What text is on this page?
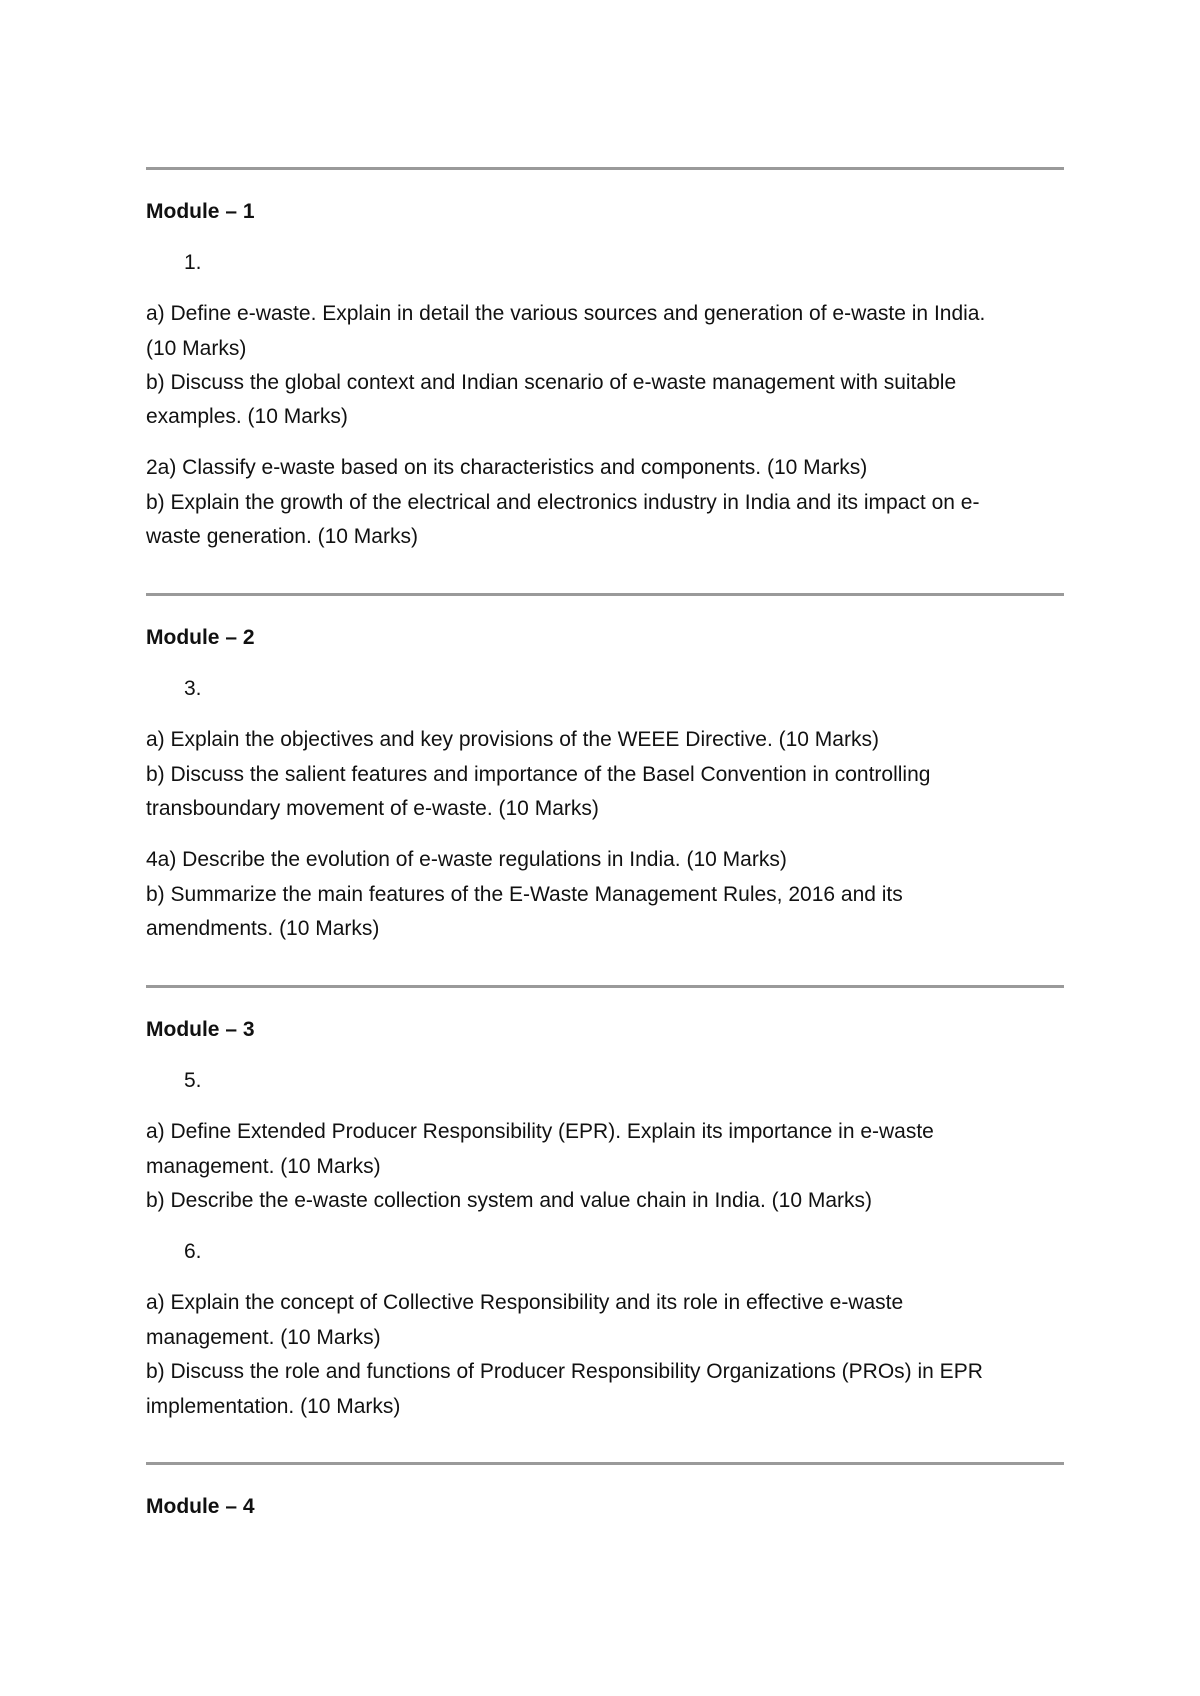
Module – 1
1.
a) Define e-waste. Explain in detail the various sources and generation of e-waste in India.
(10 Marks)
b) Discuss the global context and Indian scenario of e-waste management with suitable
examples. (10 Marks)
2a) Classify e-waste based on its characteristics and components. (10 Marks)
b) Explain the growth of the electrical and electronics industry in India and its impact on e-
waste generation. (10 Marks)
Module – 2
3.
a) Explain the objectives and key provisions of the WEEE Directive. (10 Marks)
b) Discuss the salient features and importance of the Basel Convention in controlling
transboundary movement of e-waste. (10 Marks)
4a) Describe the evolution of e-waste regulations in India. (10 Marks)
b) Summarize the main features of the E-Waste Management Rules, 2016 and its
amendments. (10 Marks)
Module – 3
5.
a) Define Extended Producer Responsibility (EPR). Explain its importance in e-waste
management. (10 Marks)
b) Describe the e-waste collection system and value chain in India. (10 Marks)
6.
a) Explain the concept of Collective Responsibility and its role in effective e-waste
management. (10 Marks)
b) Discuss the role and functions of Producer Responsibility Organizations (PROs) in EPR
implementation. (10 Marks)
Module – 4
